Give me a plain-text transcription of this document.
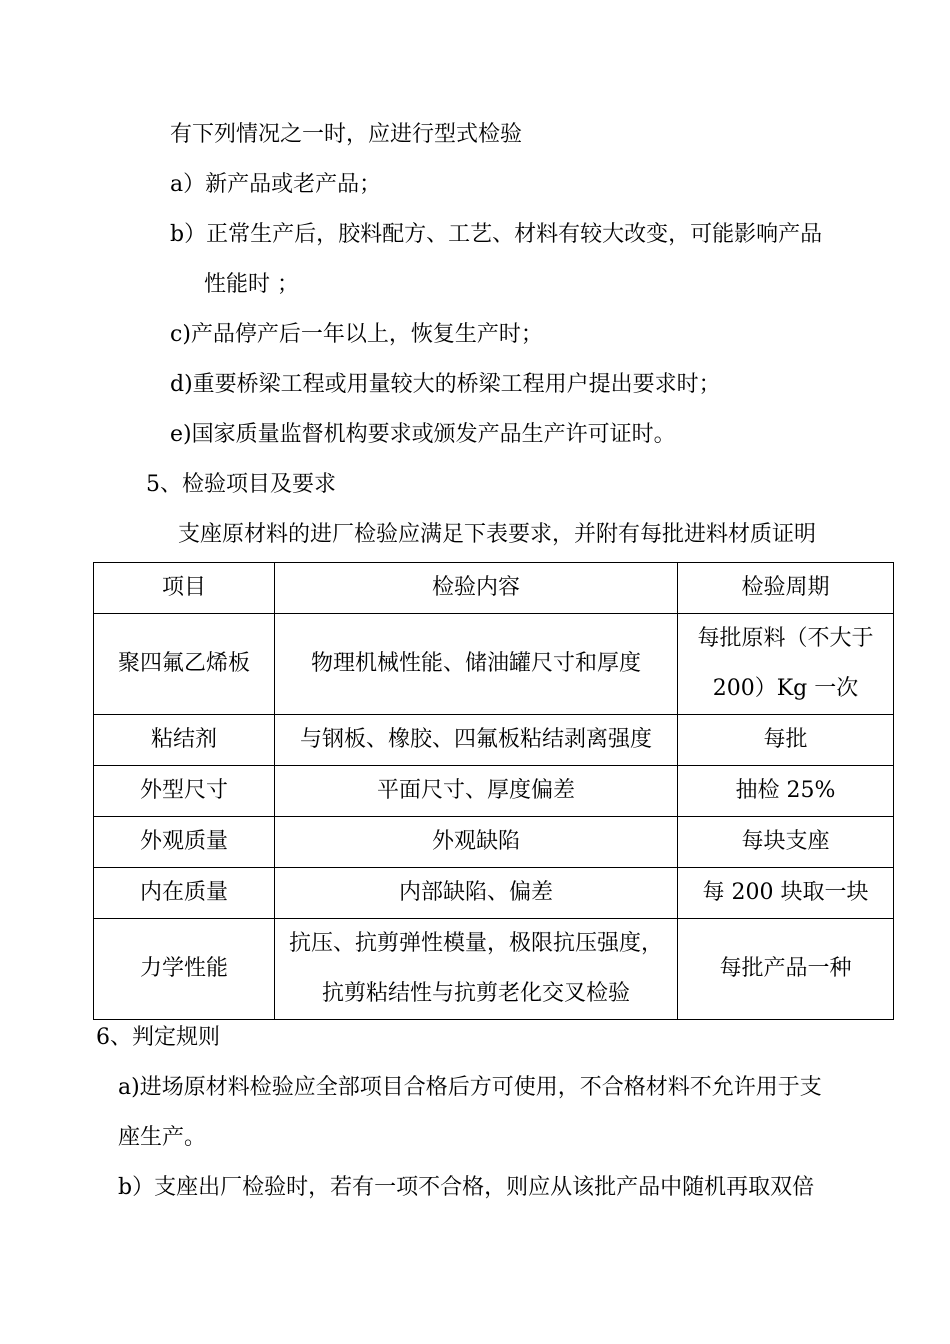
有下列情况之一时，应进行型式检验
a）新产品或老产品；
b）正常生产后，胶料配方、工艺、材料有较大改变，可能影响产品
性能时 ；
c)产品停产后一年以上，恢复生产时；
d)重要桥梁工程或用量较大的桥梁工程用户提出要求时；
e)国家质量监督机构要求或颁发产品生产许可证时。
5、检验项目及要求
支座原材料的进厂检验应满足下表要求，并附有每批进料材质证明
项目	检验内容	检验周期
聚四氟乙烯板	物理机械性能、储油罐尺寸和厚度	每批原料（不大于
200）Kg 一次

粘结剂	与钢板、橡胶、四氟板粘结剥离强度	每批
外型尺寸	平面尺寸、厚度偏差	抽检 25%
外观质量	外观缺陷	每块支座
内在质量	内部缺陷、偏差	每 200 块取一块
力学性能	抗压、抗剪弹性模量，极限抗压强度，
抗剪粘结性与抗剪老化交叉检验	每批产品一种
6、判定规则
a)进场原材料检验应全部项目合格后方可使用，不合格材料不允许用于支
座生产。
b）支座出厂检验时，若有一项不合格，则应从该批产品中随机再取双倍
